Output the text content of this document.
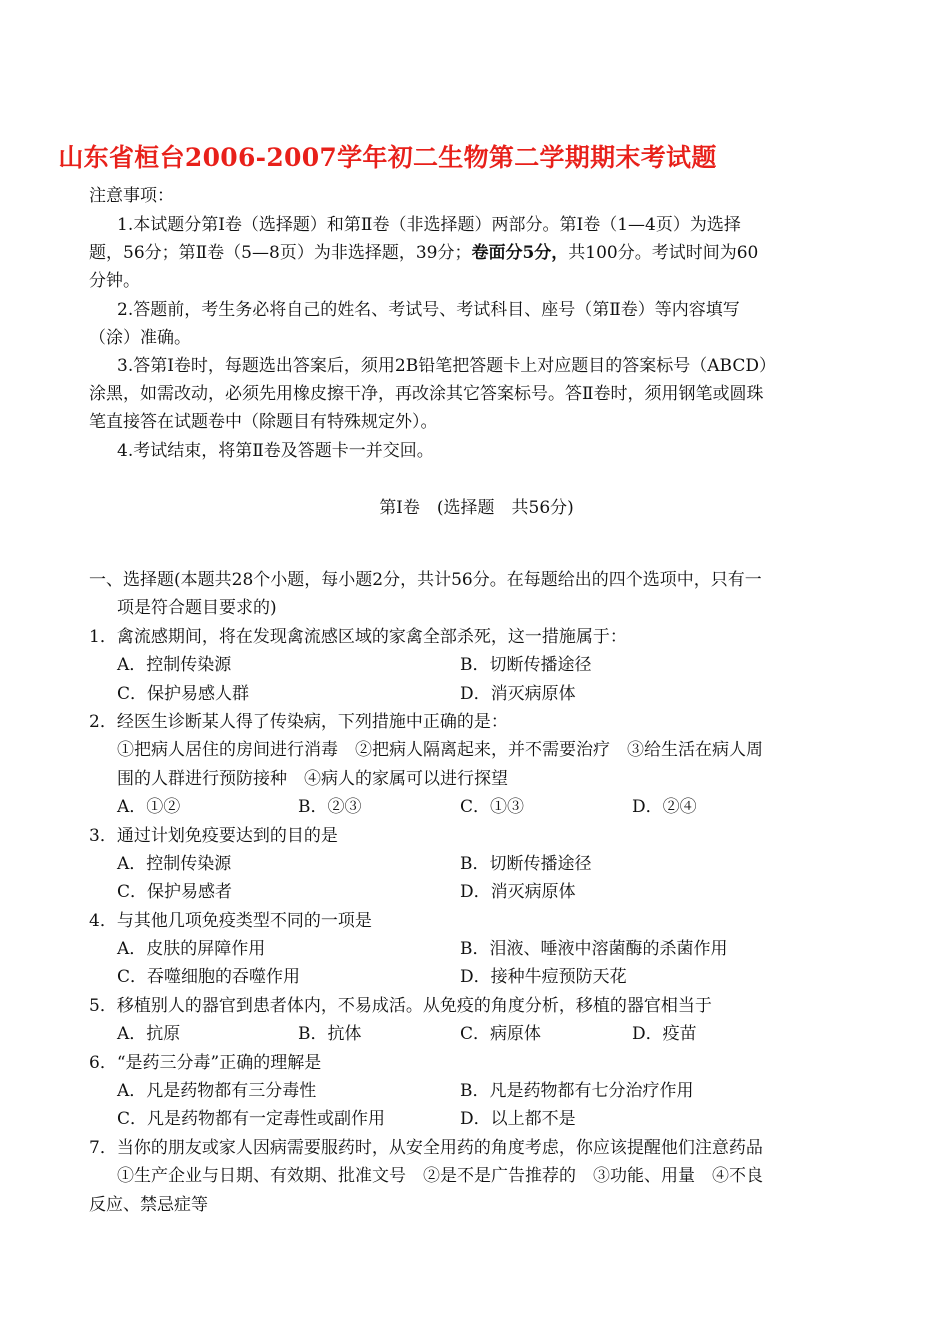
山东省桓台2006-2007学年初二生物第二学期期末考试题
注意事项：
1.本试题分第Ⅰ卷（选择题）和第Ⅱ卷（非选择题）两部分。第Ⅰ卷（1—4页）为选择
题，56分；第Ⅱ卷（5—8页）为非选择题，39分；卷面分5分，共100分。考试时间为60
分钟。
2.答题前，考生务必将自己的姓名、考试号、考试科目、座号（第Ⅱ卷）等内容填写
（涂）准确。
3.答第Ⅰ卷时，每题选出答案后，须用2B铅笔把答题卡上对应题目的答案标号（ABCD）
涂黑，如需改动，必须先用橡皮擦干净，再改涂其它答案标号。答Ⅱ卷时，须用钢笔或圆珠
笔直接答在试题卷中（除题目有特殊规定外）。
4.考试结束，将第Ⅱ卷及答题卡一并交回。
第Ⅰ卷　(选择题　共56分)
一、选择题(本题共28个小题，每小题2分，共计56分。在每题给出的四个选项中，只有一
项是符合题目要求的)
1．禽流感期间，将在发现禽流感区域的家禽全部杀死，这一措施属于：
A．控制传染源	B．切断传播途径
C．保护易感人群	D．消灭病原体
2．经医生诊断某人得了传染病，下列措施中正确的是：
①把病人居住的房间进行消毒　②把病人隔离起来，并不需要治疗　③给生活在病人周
围的人群进行预防接种　④病人的家属可以进行探望
A．①②	B．②③	C．①③	D．②④
3．通过计划免疫要达到的目的是
A．控制传染源	B．切断传播途径
C．保护易感者	D．消灭病原体
4．与其他几项免疫类型不同的一项是
A．皮肤的屏障作用	B．泪液、唾液中溶菌酶的杀菌作用
C．吞噬细胞的吞噬作用	D．接种牛痘预防天花
5．移植别人的器官到患者体内，不易成活。从免疫的角度分析，移植的器官相当于
A．抗原	B．抗体	C．病原体	D．疫苗
6．“是药三分毒”正确的理解是
A．凡是药物都有三分毒性	B．凡是药物都有七分治疗作用
C．凡是药物都有一定毒性或副作用	D．以上都不是
7．当你的朋友或家人因病需要服药时，从安全用药的角度考虑，你应该提醒他们注意药品
①生产企业与日期、有效期、批准文号　②是不是广告推荐的　③功能、用量　④不良
反应、禁忌症等
